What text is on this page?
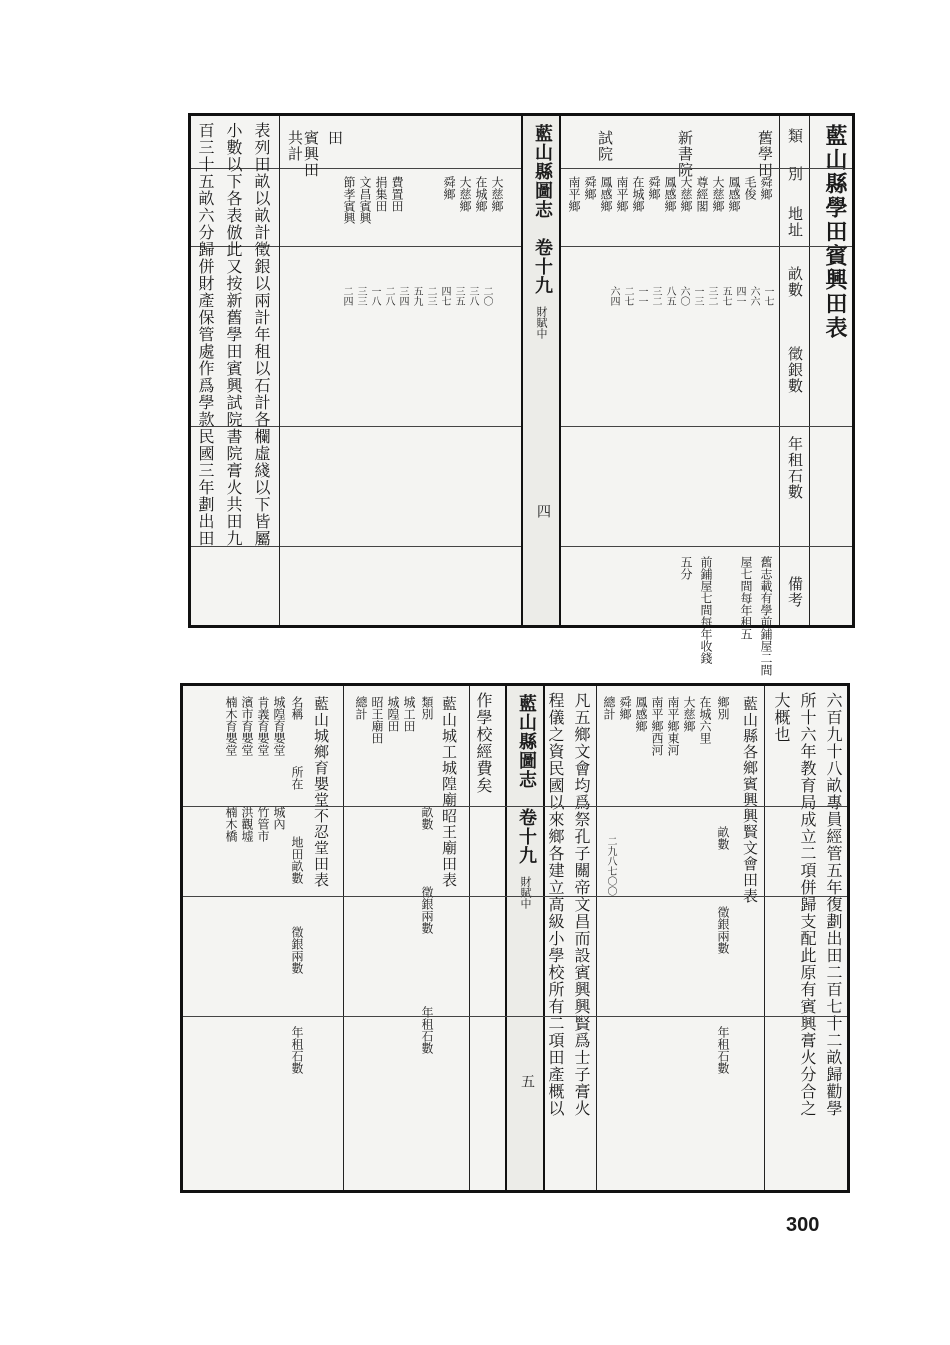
藍山縣學田賓興田表
類
別
地址
畝數
徵銀數
年租石數
備考
舊學田
新書院
試院
舜鄉
毛俊
鳳感鄉
大慈鄉
尊經閣
大慈鄉
鳳感鄉
舜鄉
在城鄉
南平鄉
鳳感鄉
舜鄉
南平鄉
一七
六六
四一
五七
三二
一三
六〇
八五
三二
一一
二七
六四
舊志載有學前鋪屋二間
屋七間每年租五
前鋪屋七間每年收錢
五分
藍山縣圖志
卷十九
財賦中
四
大慈鄉
在城鄉
大慈鄉
舜鄉
費置田
捐集田
文昌賓興
節孝賓興
田
賓興田
共計
二〇
三八
三五
四七
二三
五九
三四
二八
一八
三三
二四
表列田畝以畝計徵銀以兩計年租以石計各欄虛綫以下皆屬
小數以下各表倣此又按新舊學田賓興試院書院膏火共田九
百三十五畝六分歸併財產保管處作爲學款民國三年劃出田
六百九十八畝專員經管五年復劃出田二百七十二畝歸勸學
所十六年教育局成立二項併歸支配此原有賓興膏火分合之
大概也
藍山縣各鄉賓興興賢文會田表
鄉別
畝數
徵銀兩數
年租石數
在城六里
大慈鄉
南平鄉東河
南平鄉西河
鳳感鄉
舜鄉
總計
二九八七〇〇
凡五鄉文會均爲祭孔子關帝文昌而設賓興興賢爲士子膏火
程儀之資民國以來鄉各建立高級小學校所有二項田產概以
藍山縣圖志
卷十九
財賦中
五
作學校經費矣
藍山城工城隍廟昭王廟田表
類別
畝數
徵銀兩數
年租石數
城工田
城隍田
昭王廟田
總計
藍山城鄉育嬰堂不忍堂田表
名稱
所在
地田畝數
徵銀兩數
年租石數
城隍育嬰堂
肯義育嬰堂
濱市育嬰堂
楠木育嬰堂
城內
竹管市
洪觀墟
楠木橋
300
